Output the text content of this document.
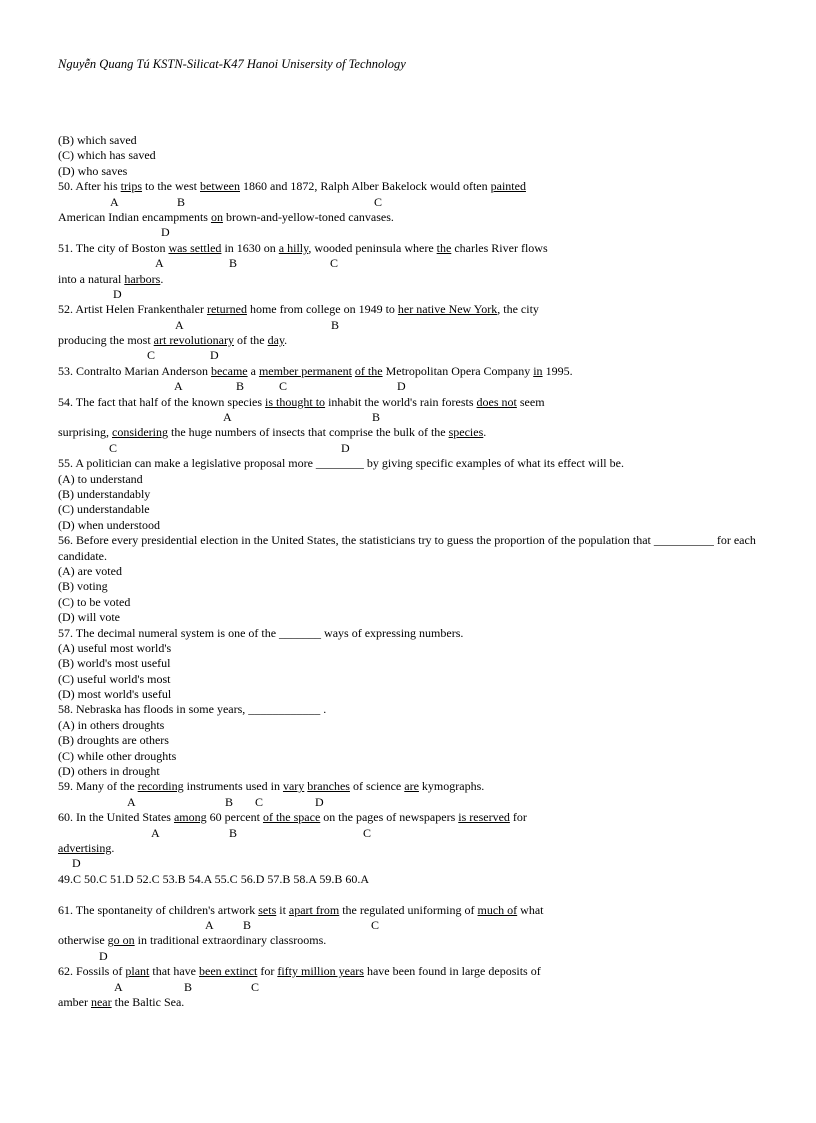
Nguyễn Quang Tú KSTN-Silicat-K47 Hanoi Unisersity of Technology
(B) which saved
(C) which has saved
(D) who saves
50. After his trips to the west between 1860 and 1872, Ralph Alber Bakelock would often painted
A	B	C
American Indian encampments on brown-and-yellow-toned canvases.
D
51. The city of Boston was settled in 1630 on a hilly, wooded peninsula where the charles River flows
A	B	C
into a natural harbors.
D
52. Artist Helen Frankenthaler returned home from college on 1949 to her native New York, the city
A	B
producing the most art revolutionary of the day.
C	D
53. Contralto Marian Anderson became a member permanent of the Metropolitan Opera Company in 1995.
A	B	C	D
54. The fact that half of the known species is thought to inhabit the world's rain forests does not seem
A	B
surprising, considering the huge numbers of insects that comprise the bulk of the species.
C	D
55. A politician can make a legislative proposal more ________ by giving specific examples of what its effect will be.
(A) to understand
(B) understandably
(C) understandable
(D) when understood
56. Before every presidential election in the United States, the statisticians try to guess the proportion of the population that __________ for each candidate.
(A) are voted
(B) voting
(C) to be voted
(D) will vote
57. The decimal numeral system is one of the _______ ways of expressing numbers.
(A) useful most world's
(B) world's most useful
(C) useful world's most
(D) most world's useful
58. Nebraska has floods in some years, ____________ .
(A) in others droughts
(B) droughts are others
(C) while other droughts
(D) others in drought
59. Many of the recording instruments used in vary branches of science are kymographs.
A	B C	D
60. In the United States among 60 percent of the space on the pages of newspapers is reserved for
A	B	C
advertising.
D
49.C 50.C 51.D 52.C 53.B 54.A 55.C 56.D 57.B 58.A 59.B 60.A
61. The spontaneity of children's artwork sets it apart from the regulated uniforming of much of what
A B	C
otherwise go on in traditional extraordinary classrooms.
D
62. Fossils of plant that have been extinct for fifty million years have been found in large deposits of
A	B	C
amber near the Baltic Sea.
